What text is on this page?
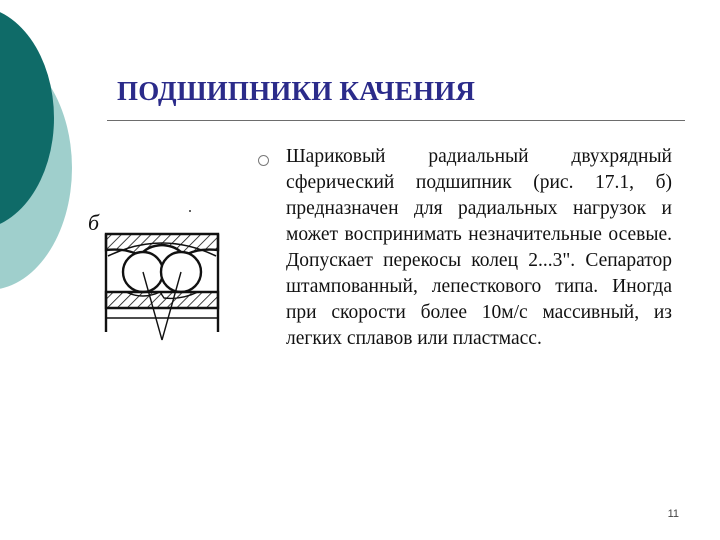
ПОДШИПНИКИ КАЧЕНИЯ
Шариковый радиальный двухрядный сферический подшипник (рис. 17.1, б) предназначен для радиальных нагрузок и может воспринимать незначительные осевые. Допускает перекосы колец 2...3". Сепаратор штампованный, лепесткового типа. Иногда при скорости более 10м/с массивный, из легких сплавов или пластмасс.
б
11
